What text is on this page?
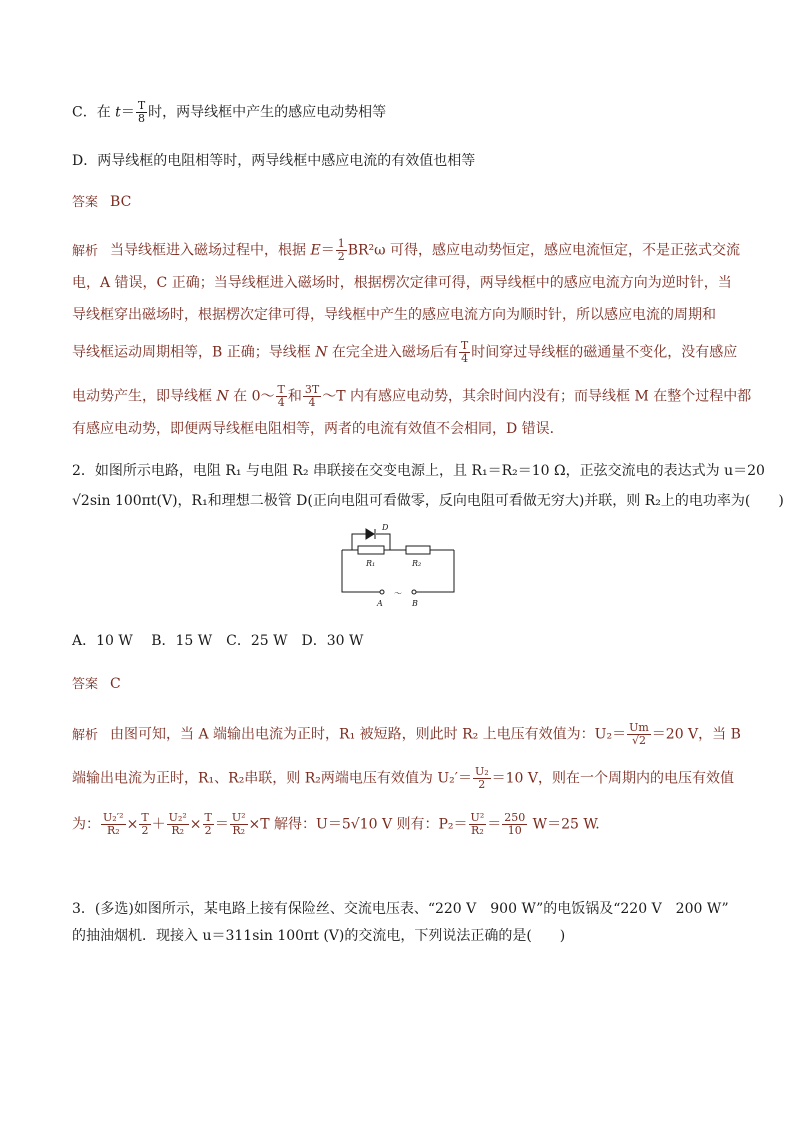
C．在 $t= \frac{T}{8}$ 时，两导线框中产生的感应电动势相等
D．两导线框的电阻相等时，两导线框中感应电流的有效值也相等
答案 BC
解析 当导线框进入磁场过程中，根据 $E= \frac{1}{2} BR^2\omega$ 可得，感应电动势恒定，感应电流恒定，不是正弦式交流
电，A 错误，C 正确；当导线框进入磁场时，根据楞次定律可得，两导线框中的感应电流方向为逆时针，当
导线框穿出磁场时，根据楞次定律可得，导线框中产生的感应电流方向为顺时针，所以感应电流的周期和
导线框运动周期相等，B 正确；导线框 N 在完全进入磁场后有 $\frac{T}{4}$ 时间穿过导线框的磁通量不变化，没有感应
电动势产生，即导线框 N 在 0～ $\frac{T}{4}$ 和 $\frac{3T}{4}$ ～T 内有感应电动势，其余时间内没有；而导线框 M 在整个过程中都
有感应电动势，即便两导线框电阻相等，两者的电流有效值不会相同，D 错误．
2．如图所示电路，电阻 R₁ 与电阻 R₂ 串联接在交变电源上，且 R₁＝R₂＝10 Ω，正弦交流电的表达式为 u＝20
√2sin 100πt(V)，R₁和理想二极管 D(正向电阻可看做零，反向电阻可看做无穷大)并联，则 R₂上的电功率为(　　)
D
R₁	R₂
A	B
～
A．10 W　 B．15 W　C．25 W　D．30 W
答案 C
解析 由图可知，当 A 端输出电流为正时，R₁ 被短路，则此时 R₂ 上电压有效值为：$U_2= \frac{Um}{√2} =20$ V，当 B
端输出电流为正时，R₁、R₂串联，则 R₂两端电压有效值为 $U_2'= \frac{\text{U₂}}{2} =10$ V，则在一个周期内的电压有效值
为： $\frac{\text{U₂′²}}{\text{R₂}} \times \frac{T}{2} + \frac{\text{U₂²}}{\text{R₂}} \times \frac{T}{2} = \frac{\text{U²}}{\text{R₂}} \times T$ 解得：U＝5√10 V 则有：$P_2= \frac{\text{U²}}{\text{R₂}} = \frac{250}{10} W=25$ W.
3．(多选)如图所示，某电路上接有保险丝、交流电压表、“220 V　900 W”的电饭锅及“220 V　200 W”
的抽油烟机．现接入 u＝311sin 100πt (V)的交流电，下列说法正确的是(　　)
